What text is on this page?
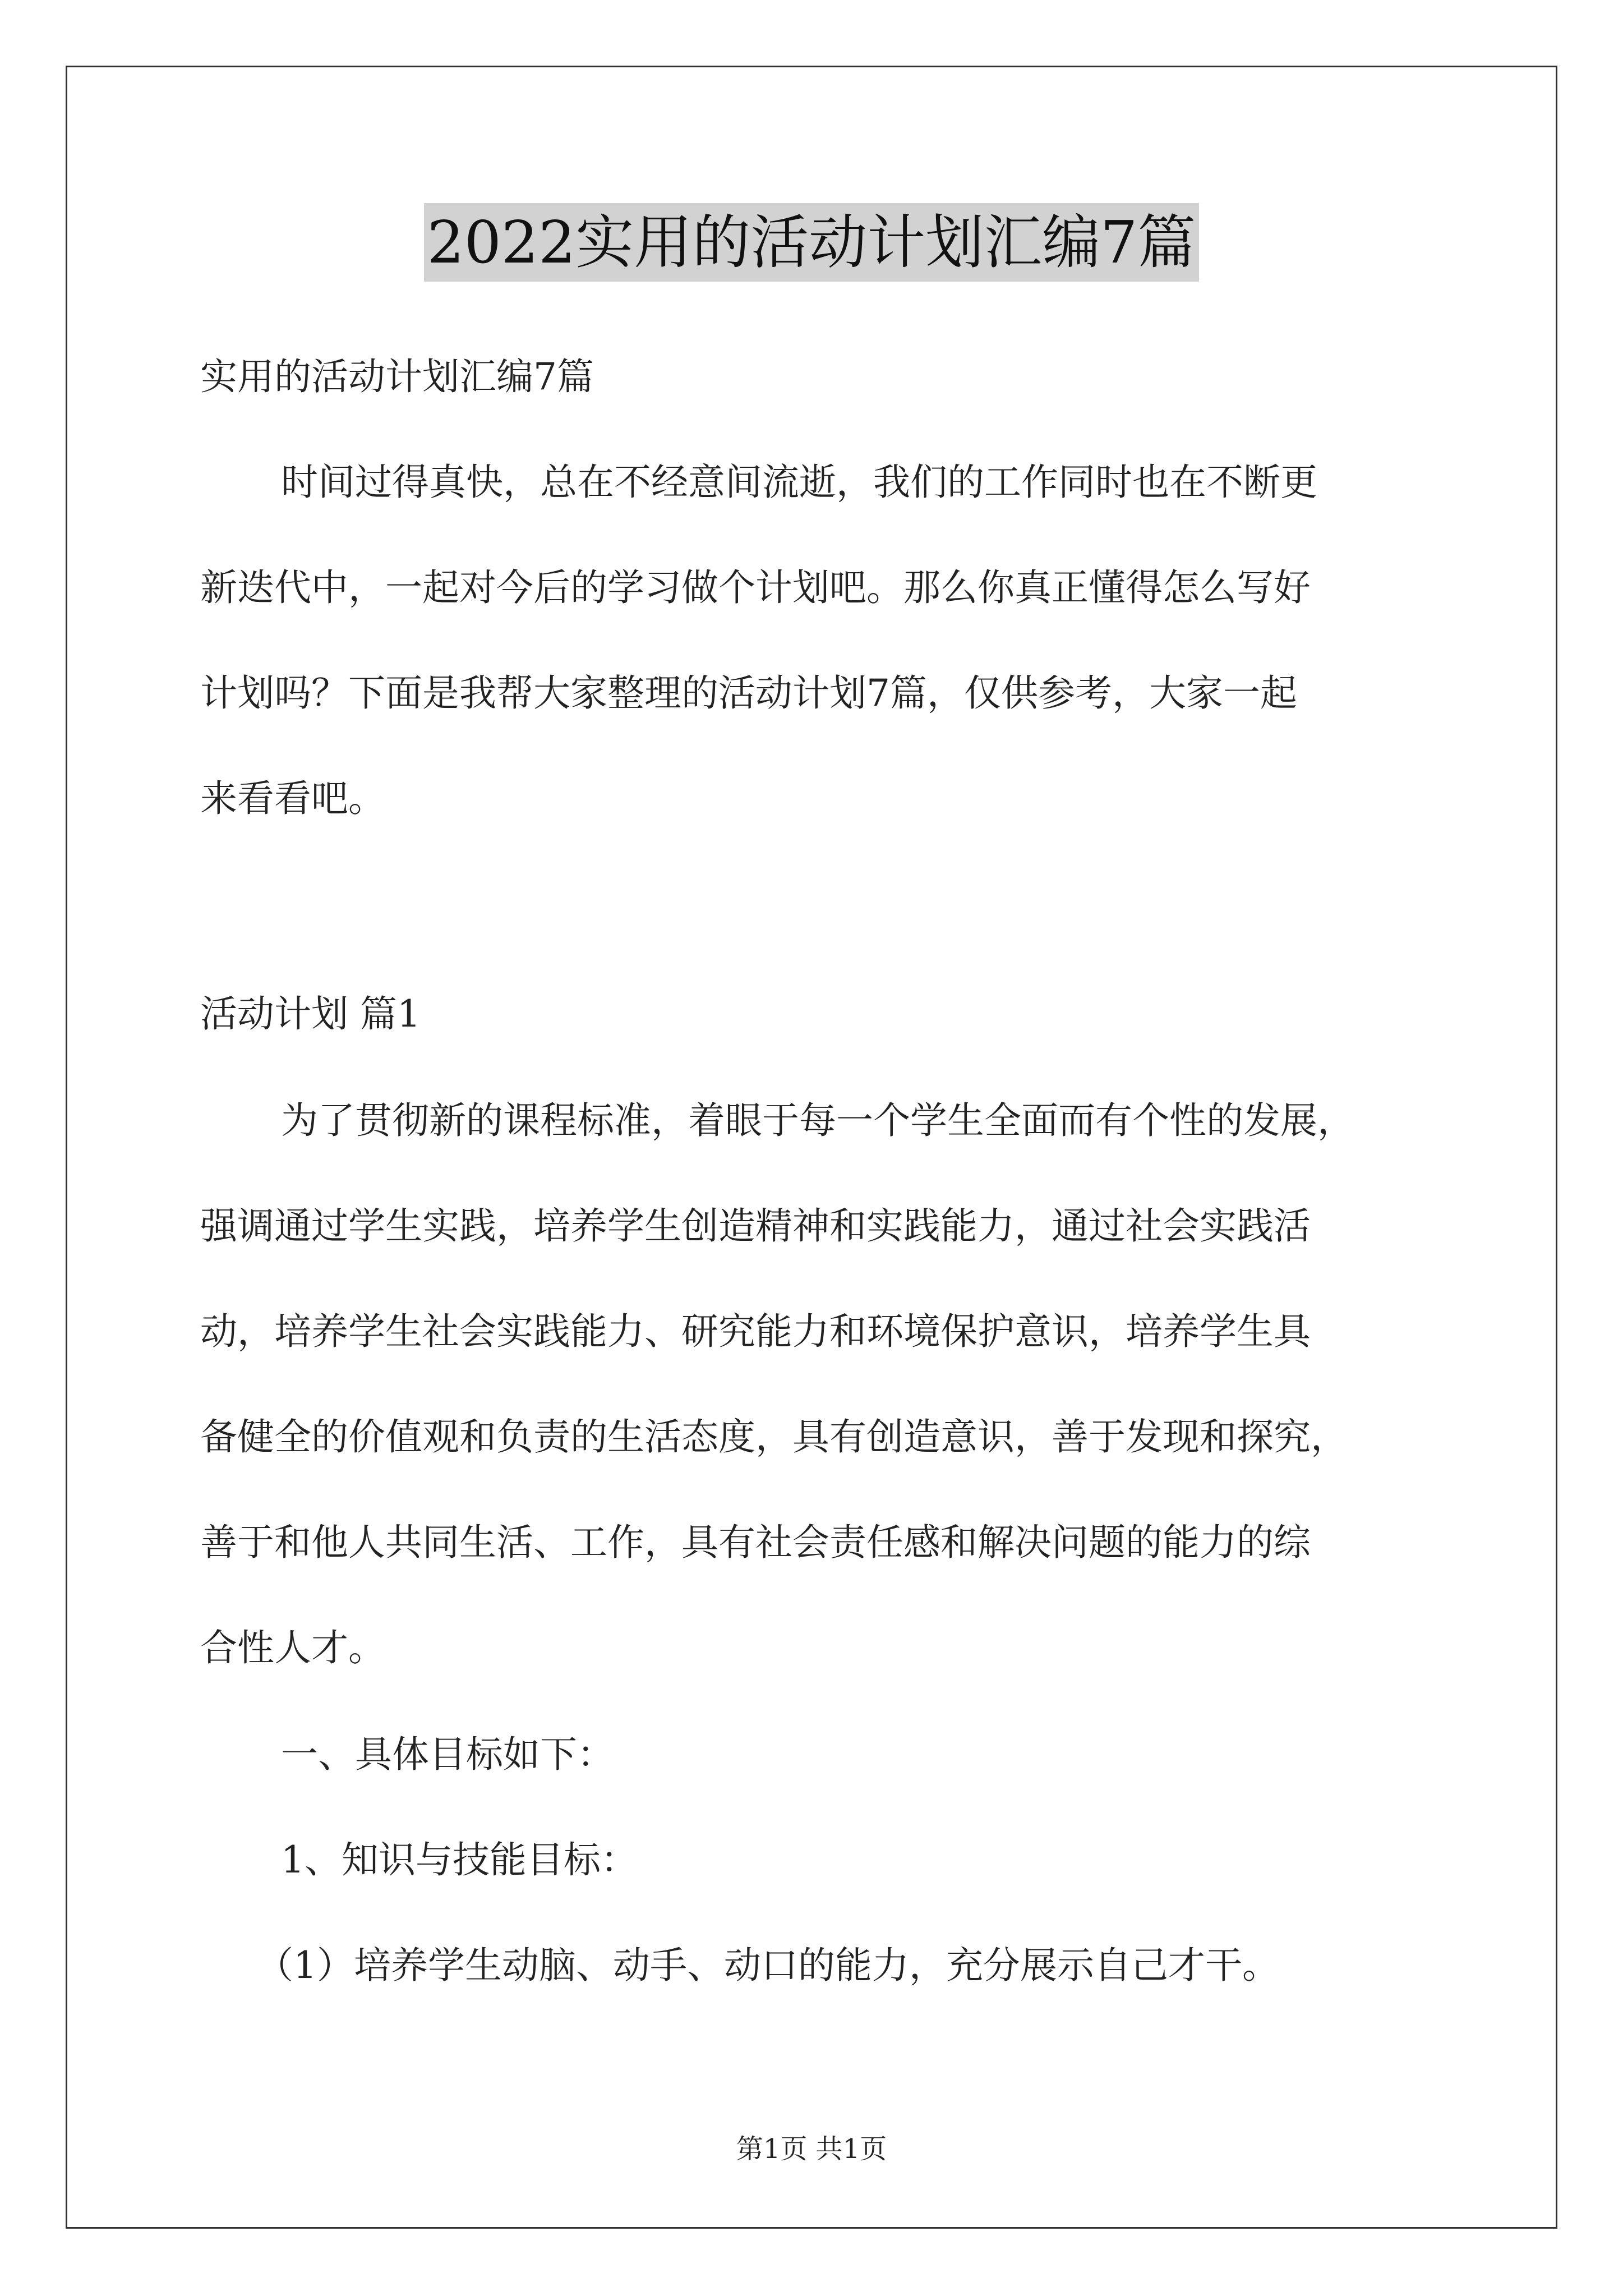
2022实用的活动计划汇编7篇
实用的活动计划汇编7篇
时间过得真快，总在不经意间流逝，我们的工作同时也在不断更
新迭代中，一起对今后的学习做个计划吧。那么你真正懂得怎么写好
计划吗？下面是我帮大家整理的活动计划7篇，仅供参考，大家一起
来看看吧。
活动计划 篇1
为了贯彻新的课程标准，着眼于每一个学生全面而有个性的发展，
强调通过学生实践，培养学生创造精神和实践能力，通过社会实践活
动，培养学生社会实践能力、研究能力和环境保护意识，培养学生具
备健全的价值观和负责的生活态度，具有创造意识，善于发现和探究，
善于和他人共同生活、工作，具有社会责任感和解决问题的能力的综
合性人才。
一、具体目标如下：
1、知识与技能目标：
（1）培养学生动脑、动手、动口的能力，充分展示自己才干。
第1页 共1页
